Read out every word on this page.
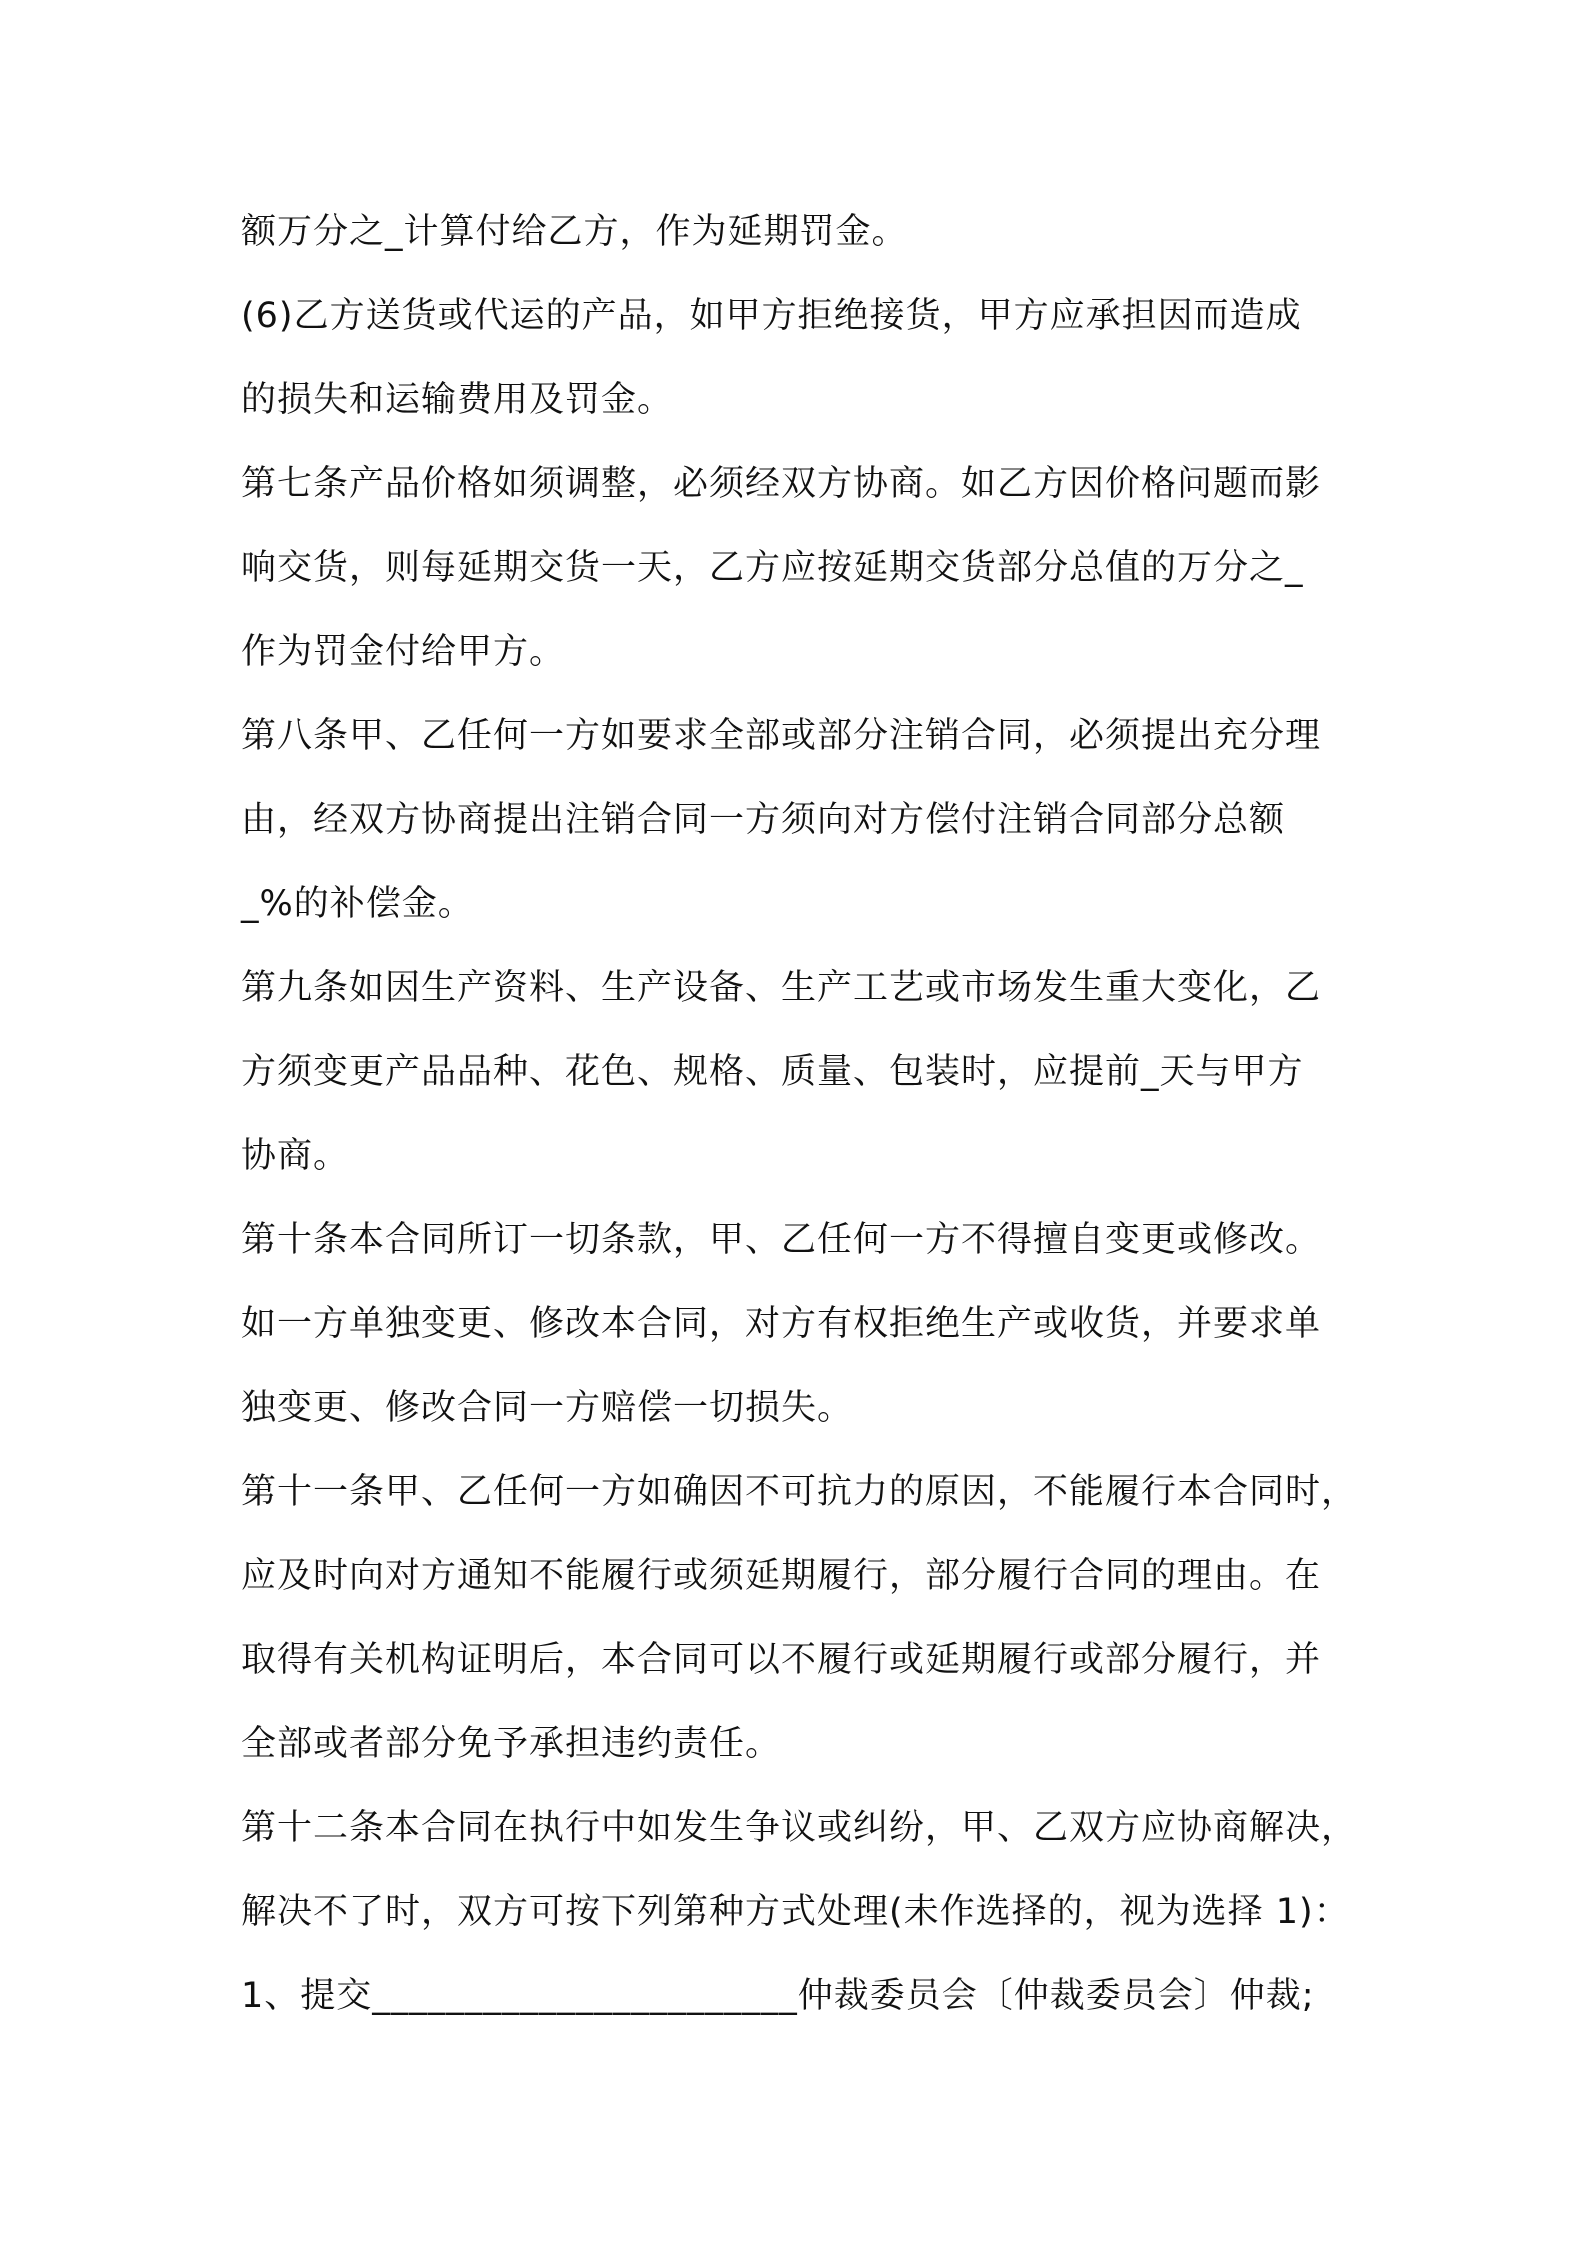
额万分之_计算付给乙方，作为延期罚金。
(6)乙方送货或代运的产品，如甲方拒绝接货，甲方应承担因而造成
的损失和运输费用及罚金。
第七条产品价格如须调整，必须经双方协商。如乙方因价格问题而影
响交货，则每延期交货一天，乙方应按延期交货部分总值的万分之_
作为罚金付给甲方。
第八条甲、乙任何一方如要求全部或部分注销合同，必须提出充分理
由，经双方协商提出注销合同一方须向对方偿付注销合同部分总额
_%的补偿金。
第九条如因生产资料、生产设备、生产工艺或市场发生重大变化，乙
方须变更产品品种、花色、规格、质量、包装时，应提前_天与甲方
协商。
第十条本合同所订一切条款，甲、乙任何一方不得擅自变更或修改。
如一方单独变更、修改本合同，对方有权拒绝生产或收货，并要求单
独变更、修改合同一方赔偿一切损失。
第十一条甲、乙任何一方如确因不可抗力的原因，不能履行本合同时，
应及时向对方通知不能履行或须延期履行，部分履行合同的理由。在
取得有关机构证明后，本合同可以不履行或延期履行或部分履行，并
全部或者部分免予承担违约责任。
第十二条本合同在执行中如发生争议或纠纷，甲、乙双方应协商解决，
解决不了时，双方可按下列第种方式处理(未作选择的，视为选择 1)：
1、提交_______________________仲裁委员会〔仲裁委员会〕仲裁;
